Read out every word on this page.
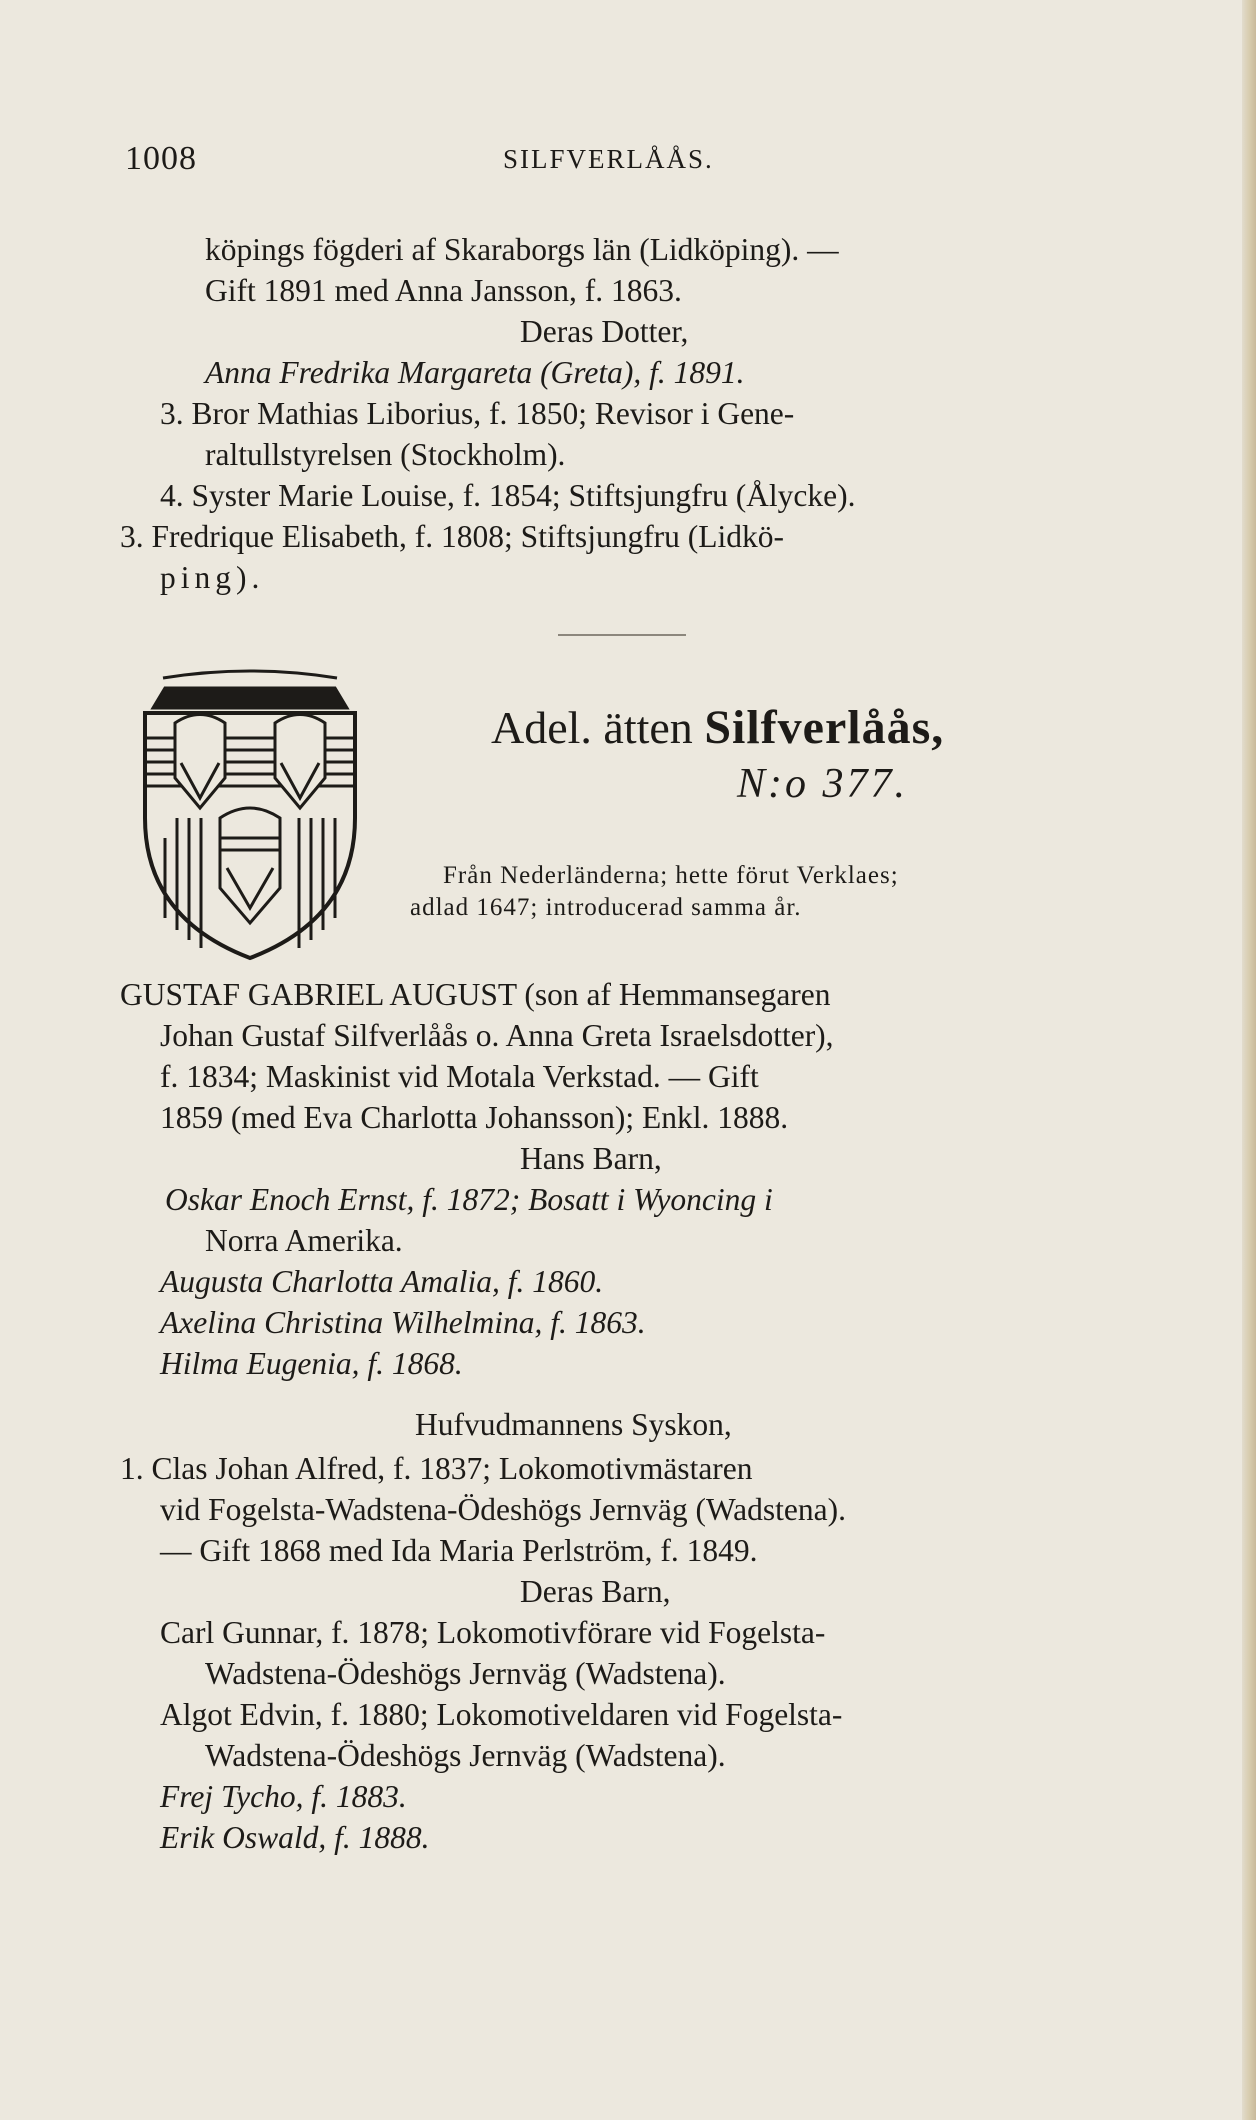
1008	SILFVERLÅÅS.
köpings fögderi af Skaraborgs län (Lidköping). —
Gift 1891 med Anna Jansson, f. 1863.
Deras Dotter,
Anna Fredrika Margareta (Greta), f. 1891.
3. Bror Mathias Liborius, f. 1850; Revisor i Gene-
raltullstyrelsen (Stockholm).
4. Syster Marie Louise, f. 1854; Stiftsjungfru (Ålycke).
3. Fredrique Elisabeth, f. 1808; Stiftsjungfru (Lidkö-
ping).
Adel. ätten Silfverlåås,
N:o 377.
Från Nederländerna; hette förut Verklaes;
adlad 1647; introducerad samma år.
GUSTAF GABRIEL AUGUST (son af Hemmansegaren
Johan Gustaf Silfverlåås o. Anna Greta Israelsdotter),
f. 1834; Maskinist vid Motala Verkstad. — Gift
1859 (med Eva Charlotta Johansson); Enkl. 1888.
Hans Barn,
Oskar Enoch Ernst, f. 1872; Bosatt i Wyoncing i
Norra Amerika.
Augusta Charlotta Amalia, f. 1860.
Axelina Christina Wilhelmina, f. 1863.
Hilma Eugenia, f. 1868.
Hufvudmannens Syskon,
1. Clas Johan Alfred, f. 1837; Lokomotivmästaren
vid Fogelsta-Wadstena-Ödeshögs Jernväg (Wadstena).
— Gift 1868 med Ida Maria Perlström, f. 1849.
Deras Barn,
Carl Gunnar, f. 1878; Lokomotivförare vid Fogelsta-
Wadstena-Ödeshögs Jernväg (Wadstena).
Algot Edvin, f. 1880; Lokomotiveldaren vid Fogelsta-
Wadstena-Ödeshögs Jernväg (Wadstena).
Frej Tycho, f. 1883.
Erik Oswald, f. 1888.
